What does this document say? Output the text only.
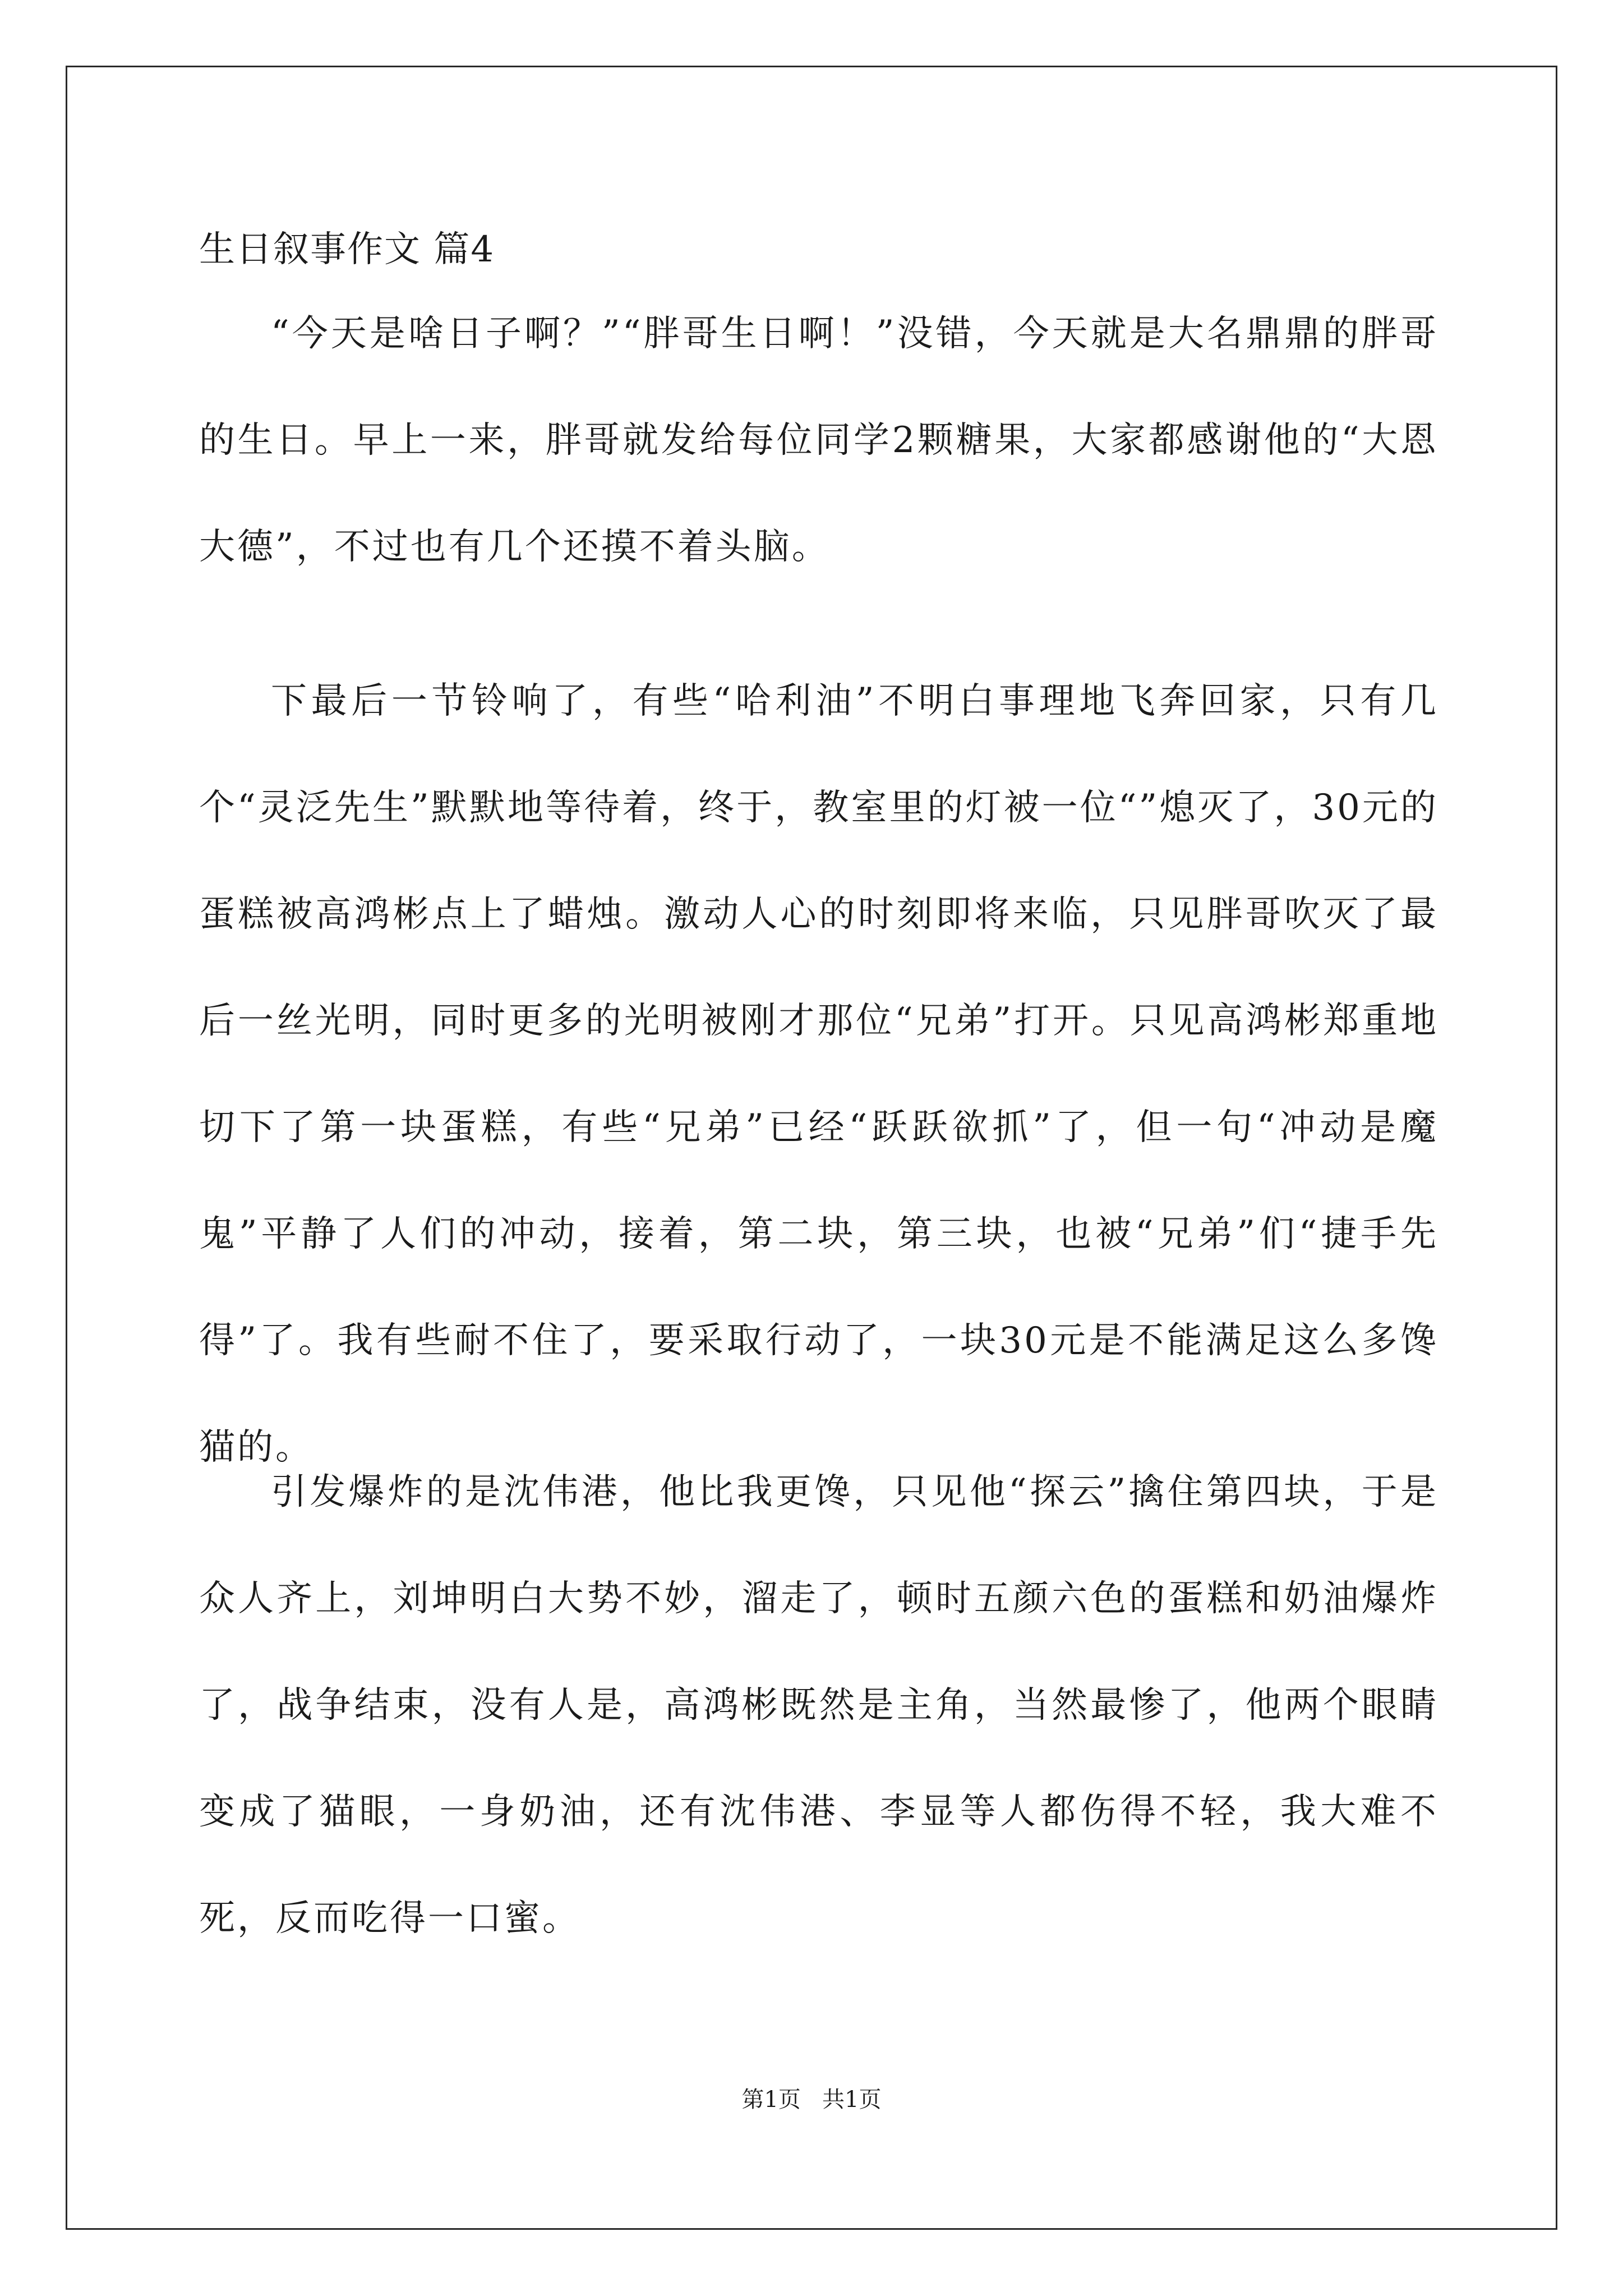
生日叙事作文 篇4

“今天是啥日子啊？”“胖哥生日啊！”没错，今天就是大名鼎鼎的胖哥的生日。早上一来，胖哥就发给每位同学2颗糖果，大家都感谢他的“大恩大德”，不过也有几个还摸不着头脑。

下最后一节铃响了，有些“哈利油”不明白事理地飞奔回家，只有几个“灵泛先生”默默地等待着，终于，教室里的灯被一位“”熄灭了，30元的蛋糕被高鸿彬点上了蜡烛。激动人心的时刻即将来临，只见胖哥吹灭了最后一丝光明，同时更多的光明被刚才那位“兄弟”打开。只见高鸿彬郑重地切下了第一块蛋糕，有些“兄弟”已经“跃跃欲抓”了，但一句“冲动是魔鬼”平静了人们的冲动，接着，第二块，第三块，也被“兄弟”们“捷手先得”了。我有些耐不住了，要采取行动了，一块30元是不能满足这么多馋猫的。

引发爆炸的是沈伟港，他比我更馋，只见他“探云”擒住第四块，于是众人齐上，刘坤明白大势不妙，溜走了，顿时五颜六色的蛋糕和奶油爆炸了，战争结束，没有人是，高鸿彬既然是主角，当然最惨了，他两个眼睛变成了猫眼，一身奶油，还有沈伟港、李显等人都伤得不轻，我大难不死，反而吃得一口蜜。

第1页   共1页
